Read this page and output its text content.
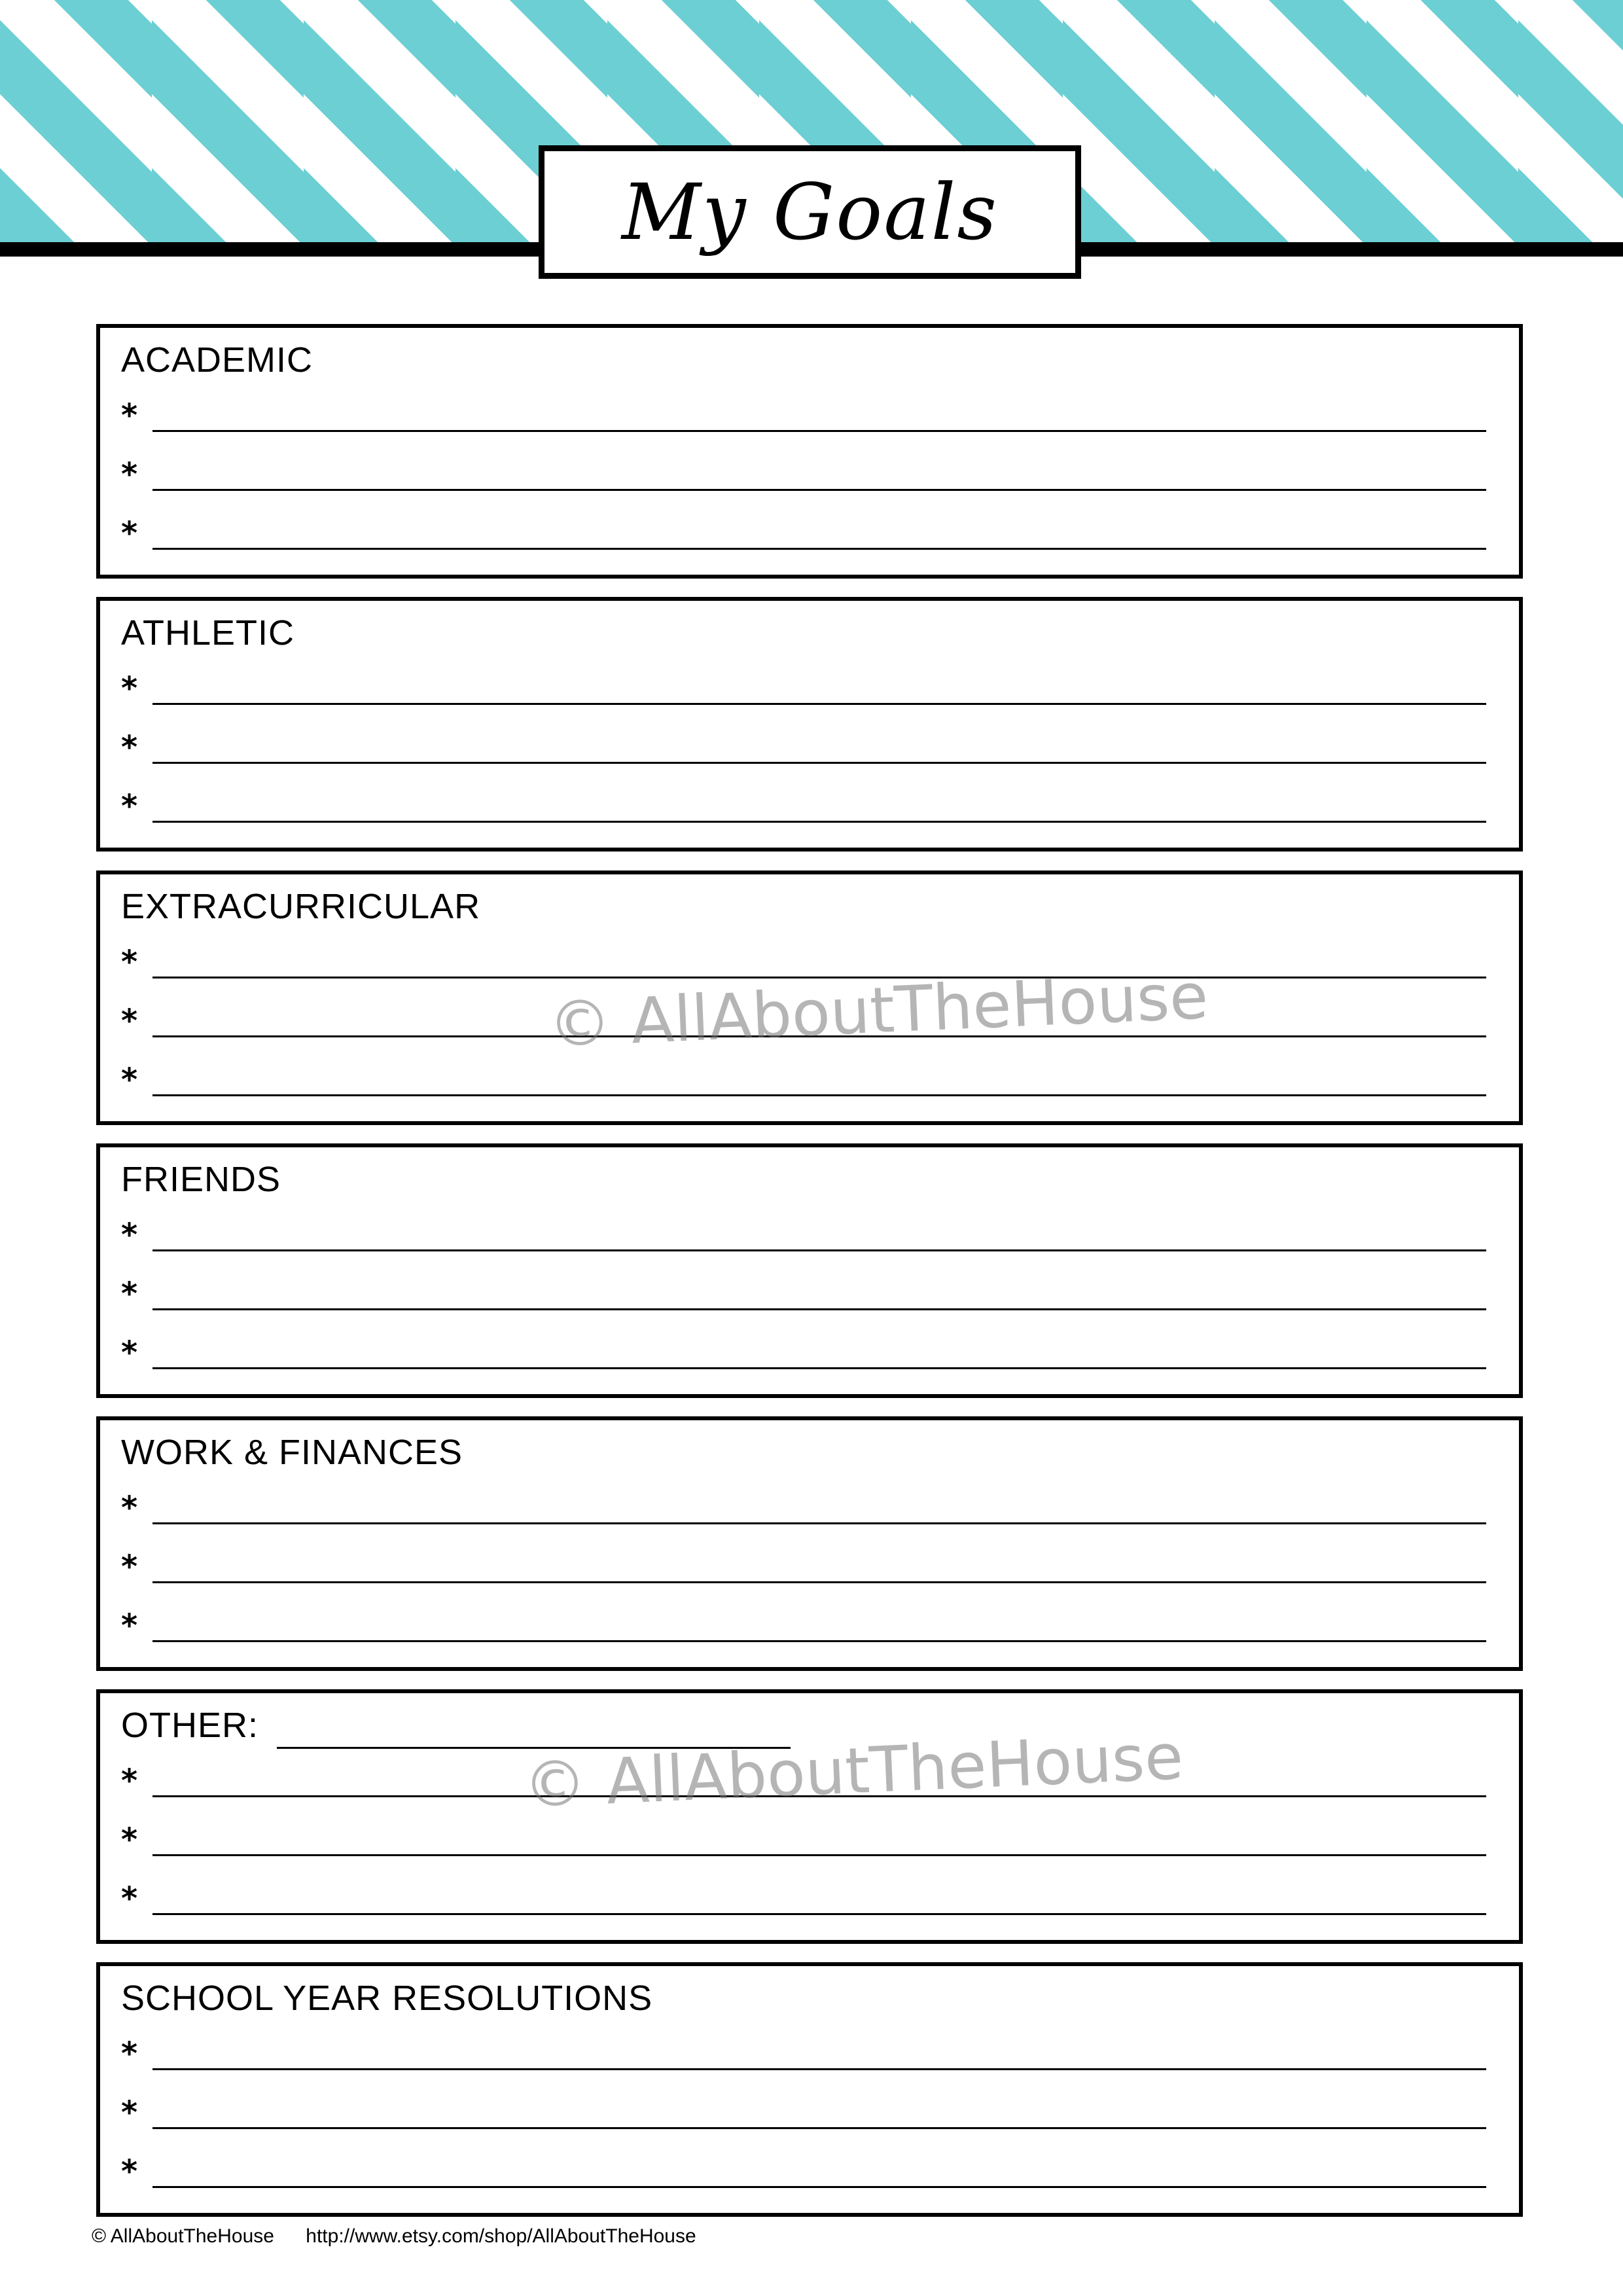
My Goals
ACADEMIC
*
*
*
ATHLETIC
*
*
*
EXTRACURRICULAR
*
*
*
FRIENDS
*
*
*
WORK & FINANCES
*
*
*
OTHER:
*
*
*
SCHOOL YEAR RESOLUTIONS
*
*
*
© AllAboutTheHouse
© AllAboutTheHouse
© AllAboutTheHouse http://www.etsy.com/shop/AllAboutTheHouse
